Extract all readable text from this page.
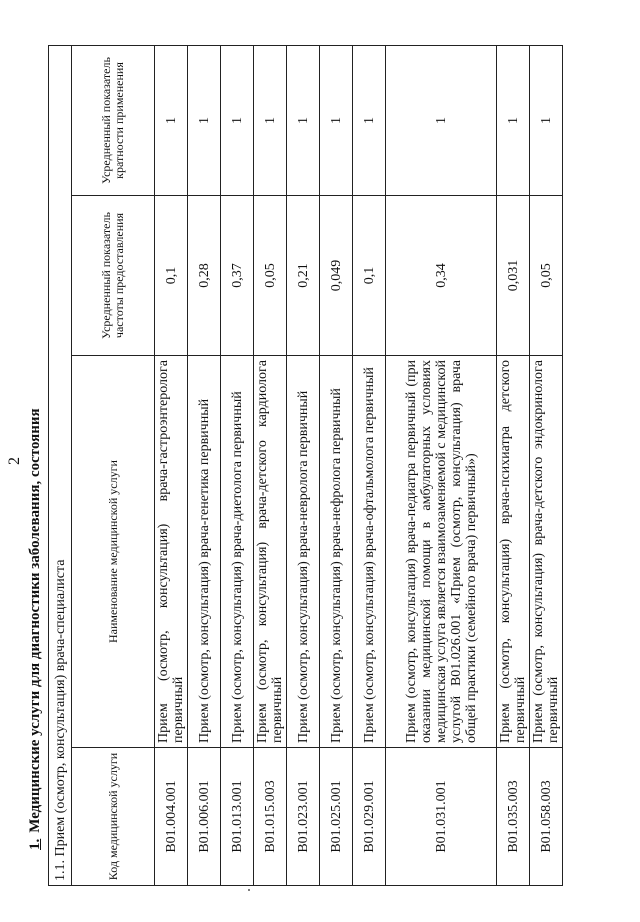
2
1.Медицинские услуги для диагностики заболевания, состояния 1.1. Прием (осмотр, консультация) врача-специалиста			
Код медицинской услуги	Наименование медицинской услуги	Усредненный показатель частоты предоставления	Усредненный показатель кратности применения
B01.004.001	Прием (осмотр, консультация) врача-гастроэнтеролога первичный	0,1	1
B01.006.001	Прием (осмотр, консультация) врача-генетика первичный	0,28	1
B01.013.001	Прием (осмотр, консультация) врача-диетолога первичный	0,37	1
B01.015.003	Прием (осмотр, консультация) врача-детского кардиолога первичный	0,05	1
B01.023.001	Прием (осмотр, консультация) врача-невролога первичный	0,21	1
B01.025.001	Прием (осмотр, консультация) врача-нефролога первичный	0,049	1
B01.029.001	Прием (осмотр, консультация) врача-офтальмолога первичный	0,1	1
B01.031.001	Прием (осмотр, консультация) врача-педиатра первичный (при оказании медицинской помощи в амбулаторных условиях медицинская услуга является взаимозаменяемой с медицинской услугой B01.026.001 «Прием (осмотр, консультация) врача общей практики (семейного врача) первичный»)	0,34	1
B01.035.003	Прием (осмотр, консультация) врача-психиатра детского первичный	0,031	1
B01.058.003	Прием (осмотр, консультация) врача-детского эндокринолога первичный	0,05	1
